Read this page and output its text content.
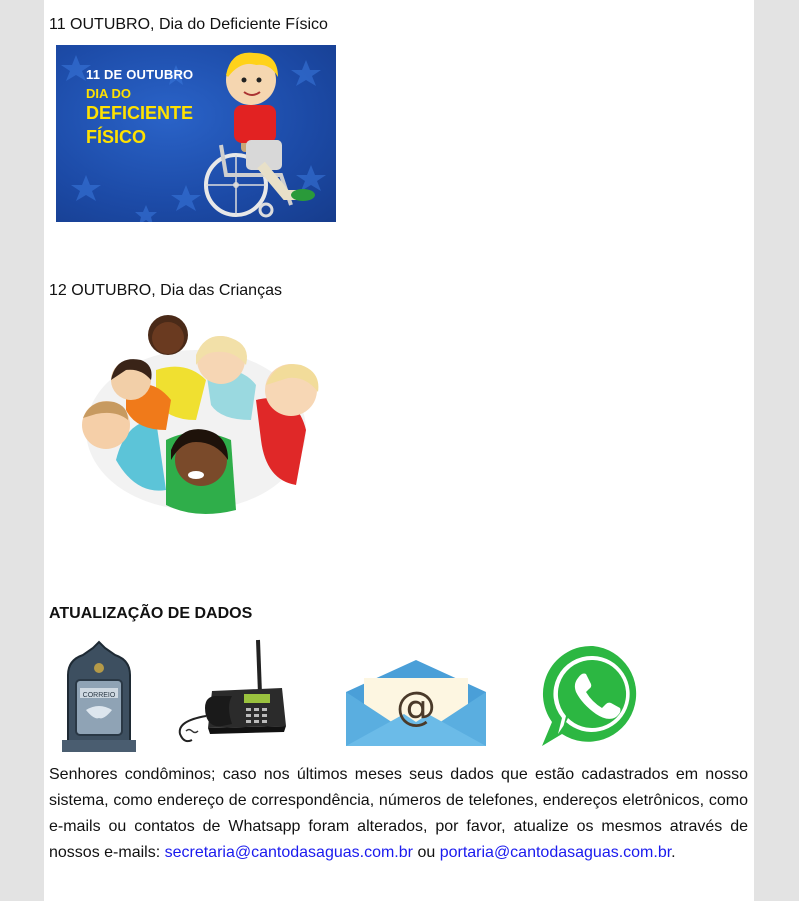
11 OUTUBRO, Dia do Deficiente Físico
11 DE OUTUBRO
DIA DO
DEFICIENTE
FÍSICO
12 OUTUBRO, Dia das Crianças
ATUALIZAÇÃO DE DADOS
CORREIO	@
Senhores condôminos; caso nos últimos meses seus dados que estão cadastrados em nosso sistema, como endereço de correspondência, números de telefones, endereços eletrônicos, como e-mails ou contatos de Whatsapp foram alterados, por favor, atualize os mesmos através de nossos e-mails: secretaria@cantodasaguas.com.br ou portaria@cantodasaguas.com.br.
